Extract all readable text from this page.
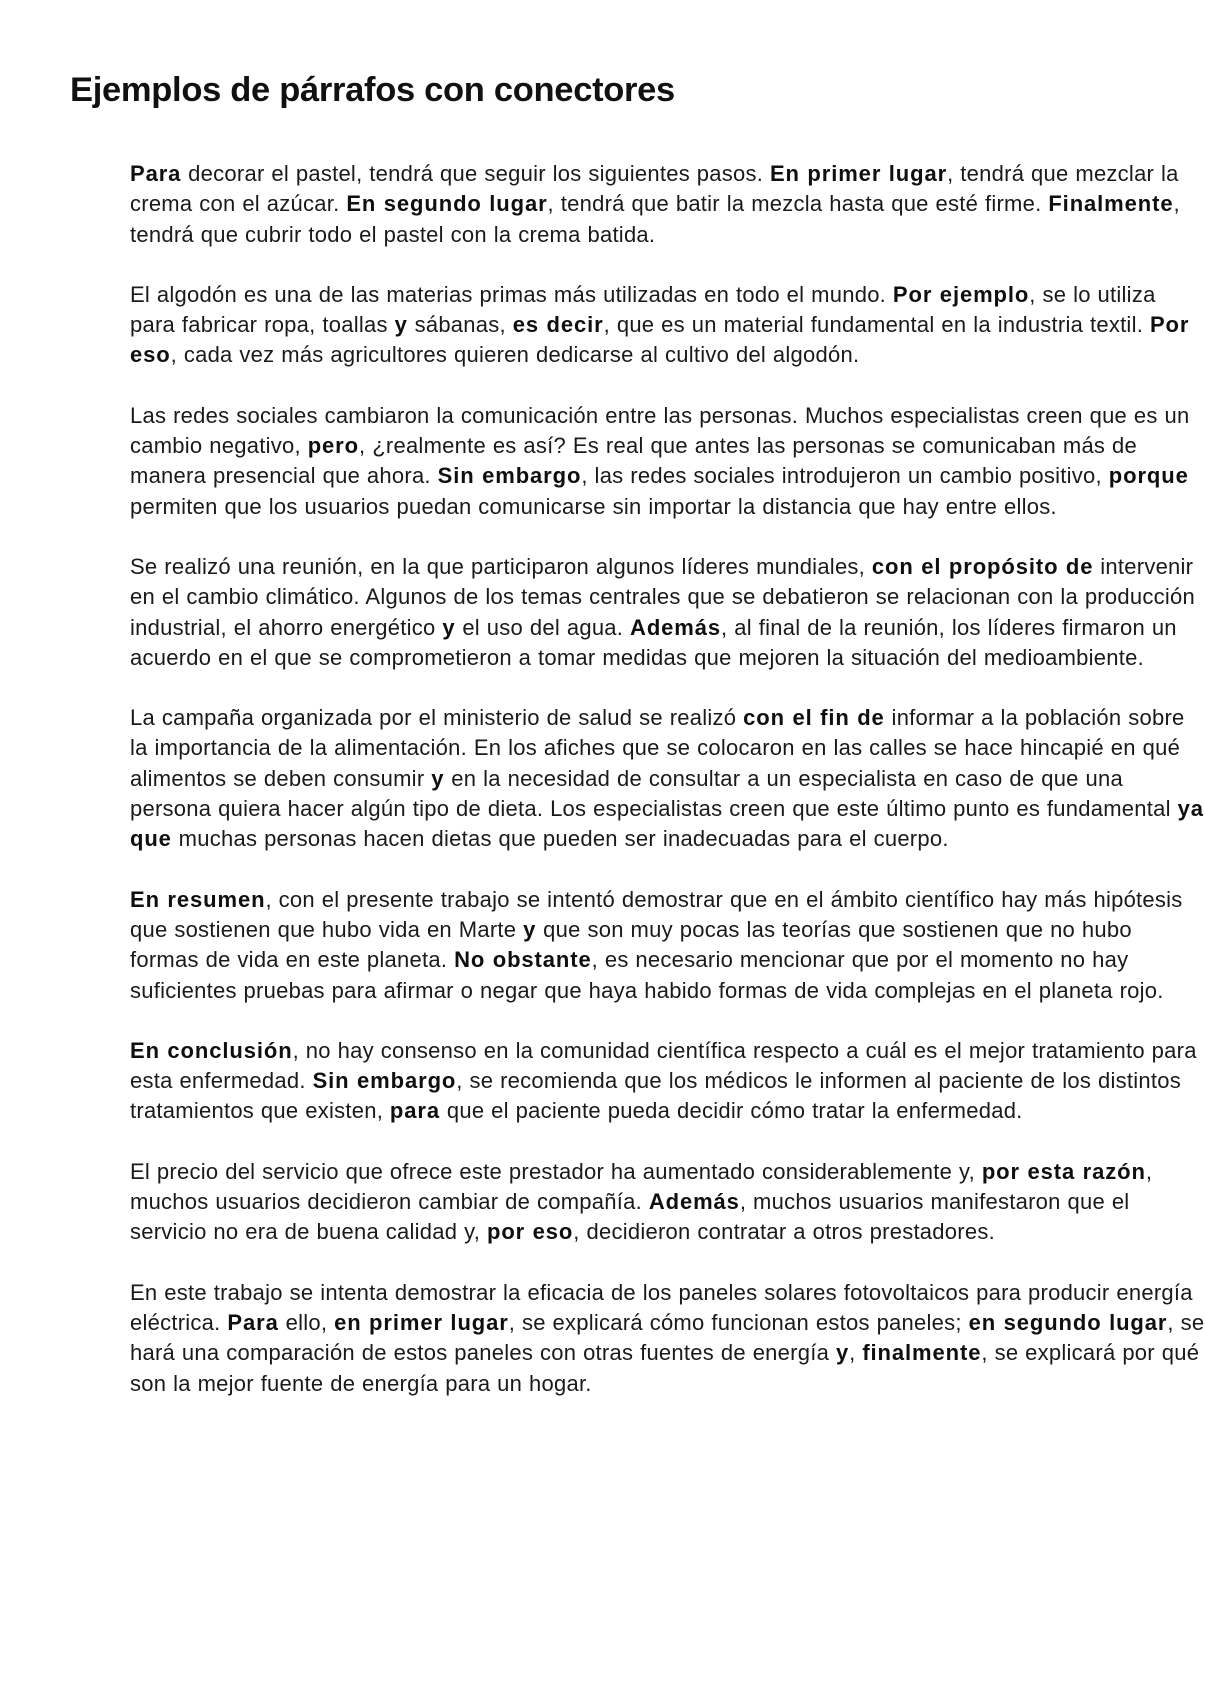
Ejemplos de párrafos con conectores

Para decorar el pastel, tendrá que seguir los siguientes pasos. En primer lugar, tendrá que mezclar la crema con el azúcar. En segundo lugar, tendrá que batir la mezcla hasta que esté firme. Finalmente, tendrá que cubrir todo el pastel con la crema batida.

El algodón es una de las materias primas más utilizadas en todo el mundo. Por ejemplo, se lo utiliza para fabricar ropa, toallas y sábanas, es decir, que es un material fundamental en la industria textil. Por eso, cada vez más agricultores quieren dedicarse al cultivo del algodón.

Las redes sociales cambiaron la comunicación entre las personas. Muchos especialistas creen que es un cambio negativo, pero, ¿realmente es así? Es real que antes las personas se comunicaban más de manera presencial que ahora. Sin embargo, las redes sociales introdujeron un cambio positivo, porque permiten que los usuarios puedan comunicarse sin importar la distancia que hay entre ellos.

Se realizó una reunión, en la que participaron algunos líderes mundiales, con el propósito de intervenir en el cambio climático. Algunos de los temas centrales que se debatieron se relacionan con la producción industrial, el ahorro energético y el uso del agua. Además, al final de la reunión, los líderes firmaron un acuerdo en el que se comprometieron a tomar medidas que mejoren la situación del medioambiente.

La campaña organizada por el ministerio de salud se realizó con el fin de informar a la población sobre la importancia de la alimentación. En los afiches que se colocaron en las calles se hace hincapié en qué alimentos se deben consumir y en la necesidad de consultar a un especialista en caso de que una persona quiera hacer algún tipo de dieta. Los especialistas creen que este último punto es fundamental ya que muchas personas hacen dietas que pueden ser inadecuadas para el cuerpo.

En resumen, con el presente trabajo se intentó demostrar que en el ámbito científico hay más hipótesis que sostienen que hubo vida en Marte y que son muy pocas las teorías que sostienen que no hubo formas de vida en este planeta. No obstante, es necesario mencionar que por el momento no hay suficientes pruebas para afirmar o negar que haya habido formas de vida complejas en el planeta rojo.

En conclusión, no hay consenso en la comunidad científica respecto a cuál es el mejor tratamiento para esta enfermedad. Sin embargo, se recomienda que los médicos le informen al paciente de los distintos tratamientos que existen, para que el paciente pueda decidir cómo tratar la enfermedad.

El precio del servicio que ofrece este prestador ha aumentado considerablemente y, por esta razón, muchos usuarios decidieron cambiar de compañía. Además, muchos usuarios manifestaron que el servicio no era de buena calidad y, por eso, decidieron contratar a otros prestadores.

En este trabajo se intenta demostrar la eficacia de los paneles solares fotovoltaicos para producir energía eléctrica. Para ello, en primer lugar, se explicará cómo funcionan estos paneles; en segundo lugar, se hará una comparación de estos paneles con otras fuentes de energía y, finalmente, se explicará por qué son la mejor fuente de energía para un hogar.
